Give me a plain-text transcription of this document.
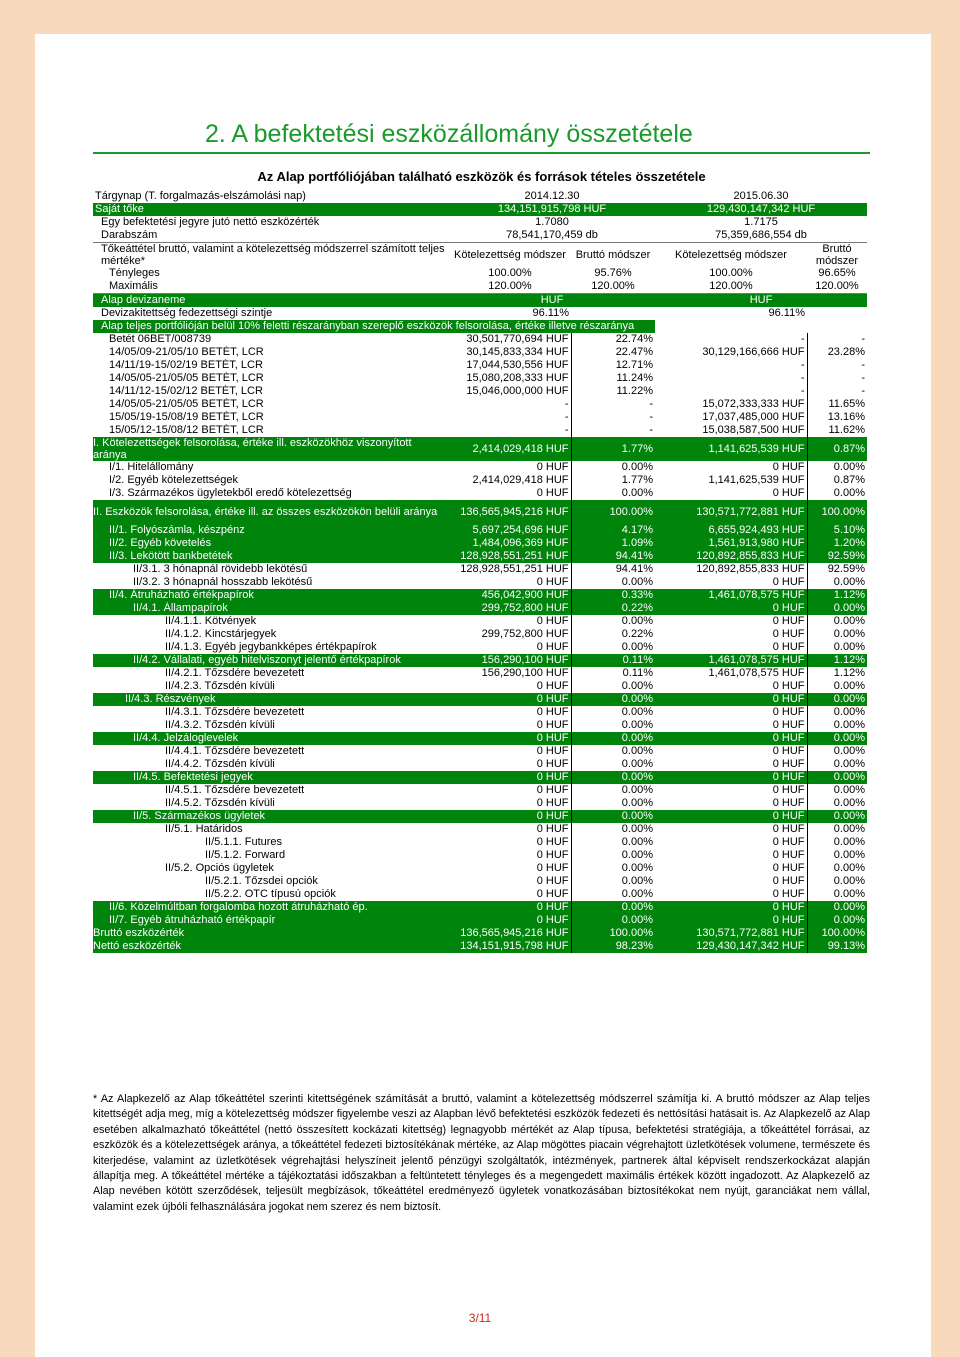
2. A befektetési eszközállomány összetétele
Az Alap portfóliójában található eszközök és források tételes összetétele
Tárgynap (T. forgalmazás-elszámolási nap)	2014.12.30		2015.06.30	
Saját tőke	134,151,915,798 HUF		129,430,147,342 HUF	
Egy befektetési jegyre jutó nettó eszközérték	1.7080		1.7175	
Darabszám	78,541,170,459 db		75,359,686,554 db	
Tőkeáttétel bruttó, valamint a kötelezettség módszerrel számított teljes mértéke*	Kötelezettség módszer	Bruttó módszer	Kötelezettség módszer	Bruttó módszer
Tényleges	100.00%	95.76%	100.00%	96.65%
Maximális	120.00%	120.00%	120.00%	120.00%
Alap devizaneme	HUF		HUF	
Devizakitettség fedezettségi szintje	96.11%		96.11%	
Alap teljes portfólióján belül 10% feletti részarányban szereplő eszközök felsorolása, értéke illetve részaránya				
Betét 06BET/008739	30,501,770,694 HUF	22.74%	-	-
14/05/09-21/05/10 BETÉT, LCR	30,145,833,334 HUF	22.47%	30,129,166,666 HUF	23.28%
14/11/19-15/02/19 BETÉT, LCR	17,044,530,556 HUF	12.71%	-	-
14/05/05-21/05/05 BETÉT, LCR	15,080,208,333 HUF	11.24%	-	-
14/11/12-15/02/12 BETÉT, LCR	15,046,000,000 HUF	11.22%	-	-
14/05/05-21/05/05 BETÉT, LCR	-	-	15,072,333,333 HUF	11.65%
15/05/19-15/08/19 BETÉT, LCR	-	-	17,037,485,000 HUF	13.16%
15/05/12-15/08/12 BETÉT, LCR	-	-	15,038,587,500 HUF	11.62%
I. Kötelezettségek felsorolása, értéke ill. eszközökhöz viszonyított aránya	2,414,029,418 HUF	1.77%	1,141,625,539 HUF	0.87%
I/1. Hitelállomány	0 HUF	0.00%	0 HUF	0.00%
I/2. Egyéb kötelezettségek	2,414,029,418 HUF	1.77%	1,141,625,539 HUF	0.87%
I/3. Származékos ügyletekből eredő kötelezettség	0 HUF	0.00%	0 HUF	0.00%
II. Eszközök felsorolása, értéke ill. az összes eszközökön belüli aránya	136,565,945,216 HUF	100.00%	130,571,772,881 HUF	100.00%
II/1. Folyószámla, készpénz	5,697,254,696 HUF	4.17%	6,655,924,493 HUF	5.10%
II/2. Egyéb követelés	1,484,096,369 HUF	1.09%	1,561,913,980 HUF	1.20%
II/3. Lekötött bankbetétek	128,928,551,251 HUF	94.41%	120,892,855,833 HUF	92.59%
II/3.1. 3 hónapnál rövidebb lekötésű	128,928,551,251 HUF	94.41%	120,892,855,833 HUF	92.59%
II/3.2. 3 hónapnál hosszabb lekötésű	0 HUF	0.00%	0 HUF	0.00%
II/4. Átruházható értékpapírok	456,042,900 HUF	0.33%	1,461,078,575 HUF	1.12%
II/4.1. Állampapírok	299,752,800 HUF	0.22%	0 HUF	0.00%
II/4.1.1. Kötvények	0 HUF	0.00%	0 HUF	0.00%
II/4.1.2. Kincstárjegyek	299,752,800 HUF	0.22%	0 HUF	0.00%
II/4.1.3. Egyéb jegybankképes értékpapírok	0 HUF	0.00%	0 HUF	0.00%
II/4.2. Vállalati, egyéb hitelviszonyt jelentő értékpapírok	156,290,100 HUF	0.11%	1,461,078,575 HUF	1.12%
II/4.2.1. Tőzsdére bevezetett	156,290,100 HUF	0.11%	1,461,078,575 HUF	1.12%
II/4.2.3. Tőzsdén kívüli	0 HUF	0.00%	0 HUF	0.00%
II/4.3. Részvények	0 HUF	0.00%	0 HUF	0.00%
II/4.3.1. Tőzsdére bevezetett	0 HUF	0.00%	0 HUF	0.00%
II/4.3.2. Tőzsdén kívüli	0 HUF	0.00%	0 HUF	0.00%
II/4.4. Jelzáloglevelek	0 HUF	0.00%	0 HUF	0.00%
II/4.4.1. Tőzsdére bevezetett	0 HUF	0.00%	0 HUF	0.00%
II/4.4.2. Tőzsdén kívüli	0 HUF	0.00%	0 HUF	0.00%
II/4.5. Befektetési jegyek	0 HUF	0.00%	0 HUF	0.00%
II/4.5.1. Tőzsdére bevezetett	0 HUF	0.00%	0 HUF	0.00%
II/4.5.2. Tőzsdén kívüli	0 HUF	0.00%	0 HUF	0.00%
II/5. Származékos ügyletek	0 HUF	0.00%	0 HUF	0.00%
II/5.1. Határidos	0 HUF	0.00%	0 HUF	0.00%
II/5.1.1. Futures	0 HUF	0.00%	0 HUF	0.00%
II/5.1.2. Forward	0 HUF	0.00%	0 HUF	0.00%
II/5.2. Opciós ügyletek	0 HUF	0.00%	0 HUF	0.00%
II/5.2.1. Tőzsdei opciók	0 HUF	0.00%	0 HUF	0.00%
II/5.2.2. OTC típusú opciók	0 HUF	0.00%	0 HUF	0.00%
II/6. Közelmúltban forgalomba hozott átruházható ép.	0 HUF	0.00%	0 HUF	0.00%
II/7. Egyéb átruházható értékpapír	0 HUF	0.00%	0 HUF	0.00%
Bruttó eszközérték	136,565,945,216 HUF	100.00%	130,571,772,881 HUF	100.00%
Nettó eszközérték	134,151,915,798 HUF	98.23%	129,430,147,342 HUF	99.13%
* Az Alapkezelő az Alap tőkeáttétel szerinti kitettségének számítását a bruttó, valamint a kötelezettség módszerrel számítja ki. A bruttó módszer az Alap teljes kitettségét adja meg, míg a kötelezettség módszer figyelembe veszi az Alapban lévő befektetési eszközök fedezeti és nettósítási hatásait is. Az Alapkezelő az Alap esetében alkalmazható tőkeáttétel (nettó összesített kockázati kitettség) legnagyobb mértékét az Alap típusa, befektetési stratégiája, a tőkeáttétel forrásai, az eszközök és a kötelezettségek aránya, a tőkeáttétel fedezeti biztosítékának mértéke, az Alap mögöttes piacain végrehajtott üzletkötések volumene, természete és kiterjedése, valamint az üzletkötések végrehajtási helyszíneit jelentő pénzügyi szolgáltatók, intézmények, partnerek által képviselt rendszerkockázat alapján állapítja meg. A tőkeáttétel mértéke a tájékoztatási időszakban a feltüntetett tényleges és a megengedett maximális értékek között ingadozott. Az Alapkezelő az Alap nevében kötött szerződések, teljesült megbízások, tőkeáttétel eredményező ügyletek vonatkozásában biztosítékokat nem nyújt, garanciákat nem vállal, valamint ezek újbóli felhasználására jogokat nem szerez és nem biztosít.
3/11
